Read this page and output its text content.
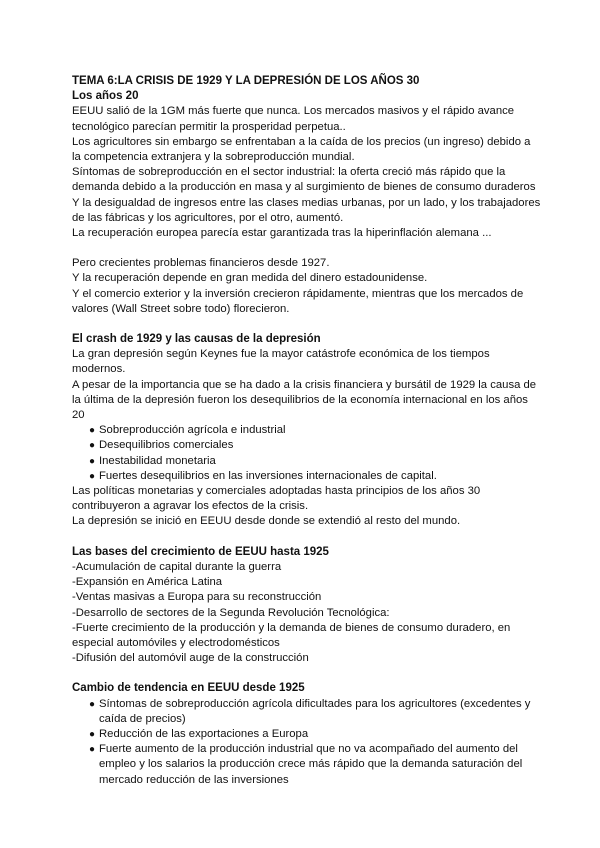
TEMA 6:LA CRISIS DE 1929 Y LA DEPRESIÓN DE LOS AÑOS 30
Los años 20

EEUU salió de la 1GM más fuerte que nunca. Los mercados masivos y el rápido avance tecnológico parecían permitir la prosperidad perpetua..

Los agricultores sin embargo se enfrentaban a la caída de los precios (un ingreso) debido a la competencia extranjera y la sobreproducción mundial.

Síntomas de sobreproducción en el sector industrial: la oferta creció más rápido que la demanda debido a la producción en masa y al surgimiento de bienes de consumo duraderos

Y la desigualdad de ingresos entre las clases medias urbanas, por un lado, y los trabajadores de las fábricas y los agricultores, por el otro, aumentó.

La recuperación europea parecía estar garantizada tras la hiperinflación alemana ...

Pero crecientes problemas financieros desde 1927.

Y la recuperación depende en gran medida del dinero estadounidense.

Y el comercio exterior y la inversión crecieron rápidamente, mientras que los mercados de valores (Wall Street sobre todo) florecieron.

El crash de 1929 y las causas de la depresión

La gran depresión según Keynes fue la mayor catástrofe económica de los tiempos modernos.

A pesar de la importancia que se ha dado a la crisis financiera y bursátil de 1929 la causa de la última de la depresión fueron los desequilibrios de la economía internacional en los años 20

● Sobreproducción agrícola e industrial
● Desequilibrios comerciales
● Inestabilidad monetaria
● Fuertes desequilibrios en las inversiones internacionales de capital.

Las políticas monetarias y comerciales adoptadas hasta principios de los años 30 contribuyeron a agravar los efectos de la crisis.

La depresión se inició en EEUU desde donde se extendió al resto del mundo.

Las bases del crecimiento de EEUU hasta 1925

-Acumulación de capital durante la guerra

-Expansión en América Latina

-Ventas masivas a Europa para su reconstrucción

-Desarrollo de sectores de la Segunda Revolución Tecnológica:

-Fuerte crecimiento de la producción y la demanda de bienes de consumo duradero, en especial automóviles y electrodomésticos

-Difusión del automóvil auge de la construcción

Cambio de tendencia en EEUU desde 1925
● Síntomas de sobreproducción agrícola dificultades para los agricultores (excedentes y caída de precios)
● Reducción de las exportaciones a Europa
● Fuerte aumento de la producción industrial que no va acompañado del aumento del empleo y los salarios la producción crece más rápido que la demanda saturación del mercado reducción de las inversiones
